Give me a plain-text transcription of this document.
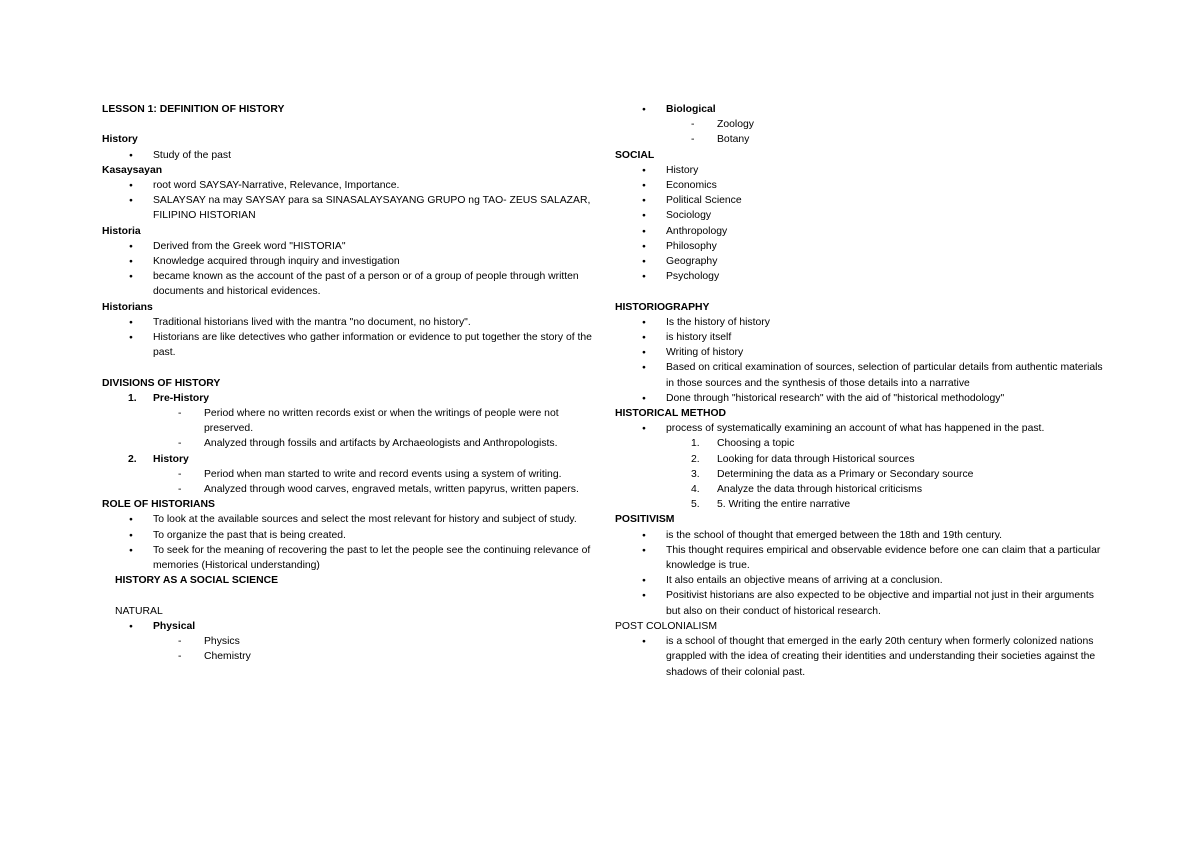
LESSON 1: DEFINITION OF HISTORY
History
● Study of the past
Kasaysayan
● root word SAYSAY-Narrative, Relevance, Importance.
● SALAYSAY na may SAYSAY para sa SINASALAYSAYANG GRUPO ng TAO- ZEUS SALAZAR, FILIPINO HISTORIAN
Historia
● Derived from the Greek word "HISTORIA"
● Knowledge acquired through inquiry and investigation
● became known as the account of the past of a person or of a group of people through written documents and historical evidences.
Historians
● Traditional historians lived with the mantra "no document, no history".
● Historians are like detectives who gather information or evidence to put together the story of the past.
DIVISIONS OF HISTORY
1. Pre-History
- Period where no written records exist or when the writings of people were not preserved.
- Analyzed through fossils and artifacts by Archaeologists and Anthropologists.
2. History
- Period when man started to write and record events using a system of writing.
- Analyzed through wood carves, engraved metals, written papyrus, written papers.
ROLE OF HISTORIANS
● To look at the available sources and select the most relevant for history and subject of study.
● To organize the past that is being created.
● To seek for the meaning of recovering the past to let the people see the continuing relevance of memories (Historical understanding)
HISTORY AS A SOCIAL SCIENCE
NATURAL
● Physical
- Physics
- Chemistry
● Biological
- Zoology
- Botany
SOCIAL
● History
● Economics
● Political Science
● Sociology
● Anthropology
● Philosophy
● Geography
● Psychology
HISTORIOGRAPHY
● Is the history of history
● is history itself
● Writing of history
● Based on critical examination of sources, selection of particular details from authentic materials in those sources and the synthesis of those details into a narrative
● Done through "historical research" with the aid of "historical methodology"
HISTORICAL METHOD
● process of systematically examining an account of what has happened in the past.
1. Choosing a topic
2. Looking for data through Historical sources
3. Determining the data as a Primary or Secondary source
4. Analyze the data through historical criticisms
5. 5. Writing the entire narrative
POSITIVISM
● is the school of thought that emerged between the 18th and 19th century.
● This thought requires empirical and observable evidence before one can claim that a particular knowledge is true.
● It also entails an objective means of arriving at a conclusion.
● Positivist historians are also expected to be objective and impartial not just in their arguments but also on their conduct of historical research.
POST COLONIALISM
● is a school of thought that emerged in the early 20th century when formerly colonized nations grappled with the idea of creating their identities and understanding their societies against the shadows of their colonial past.
